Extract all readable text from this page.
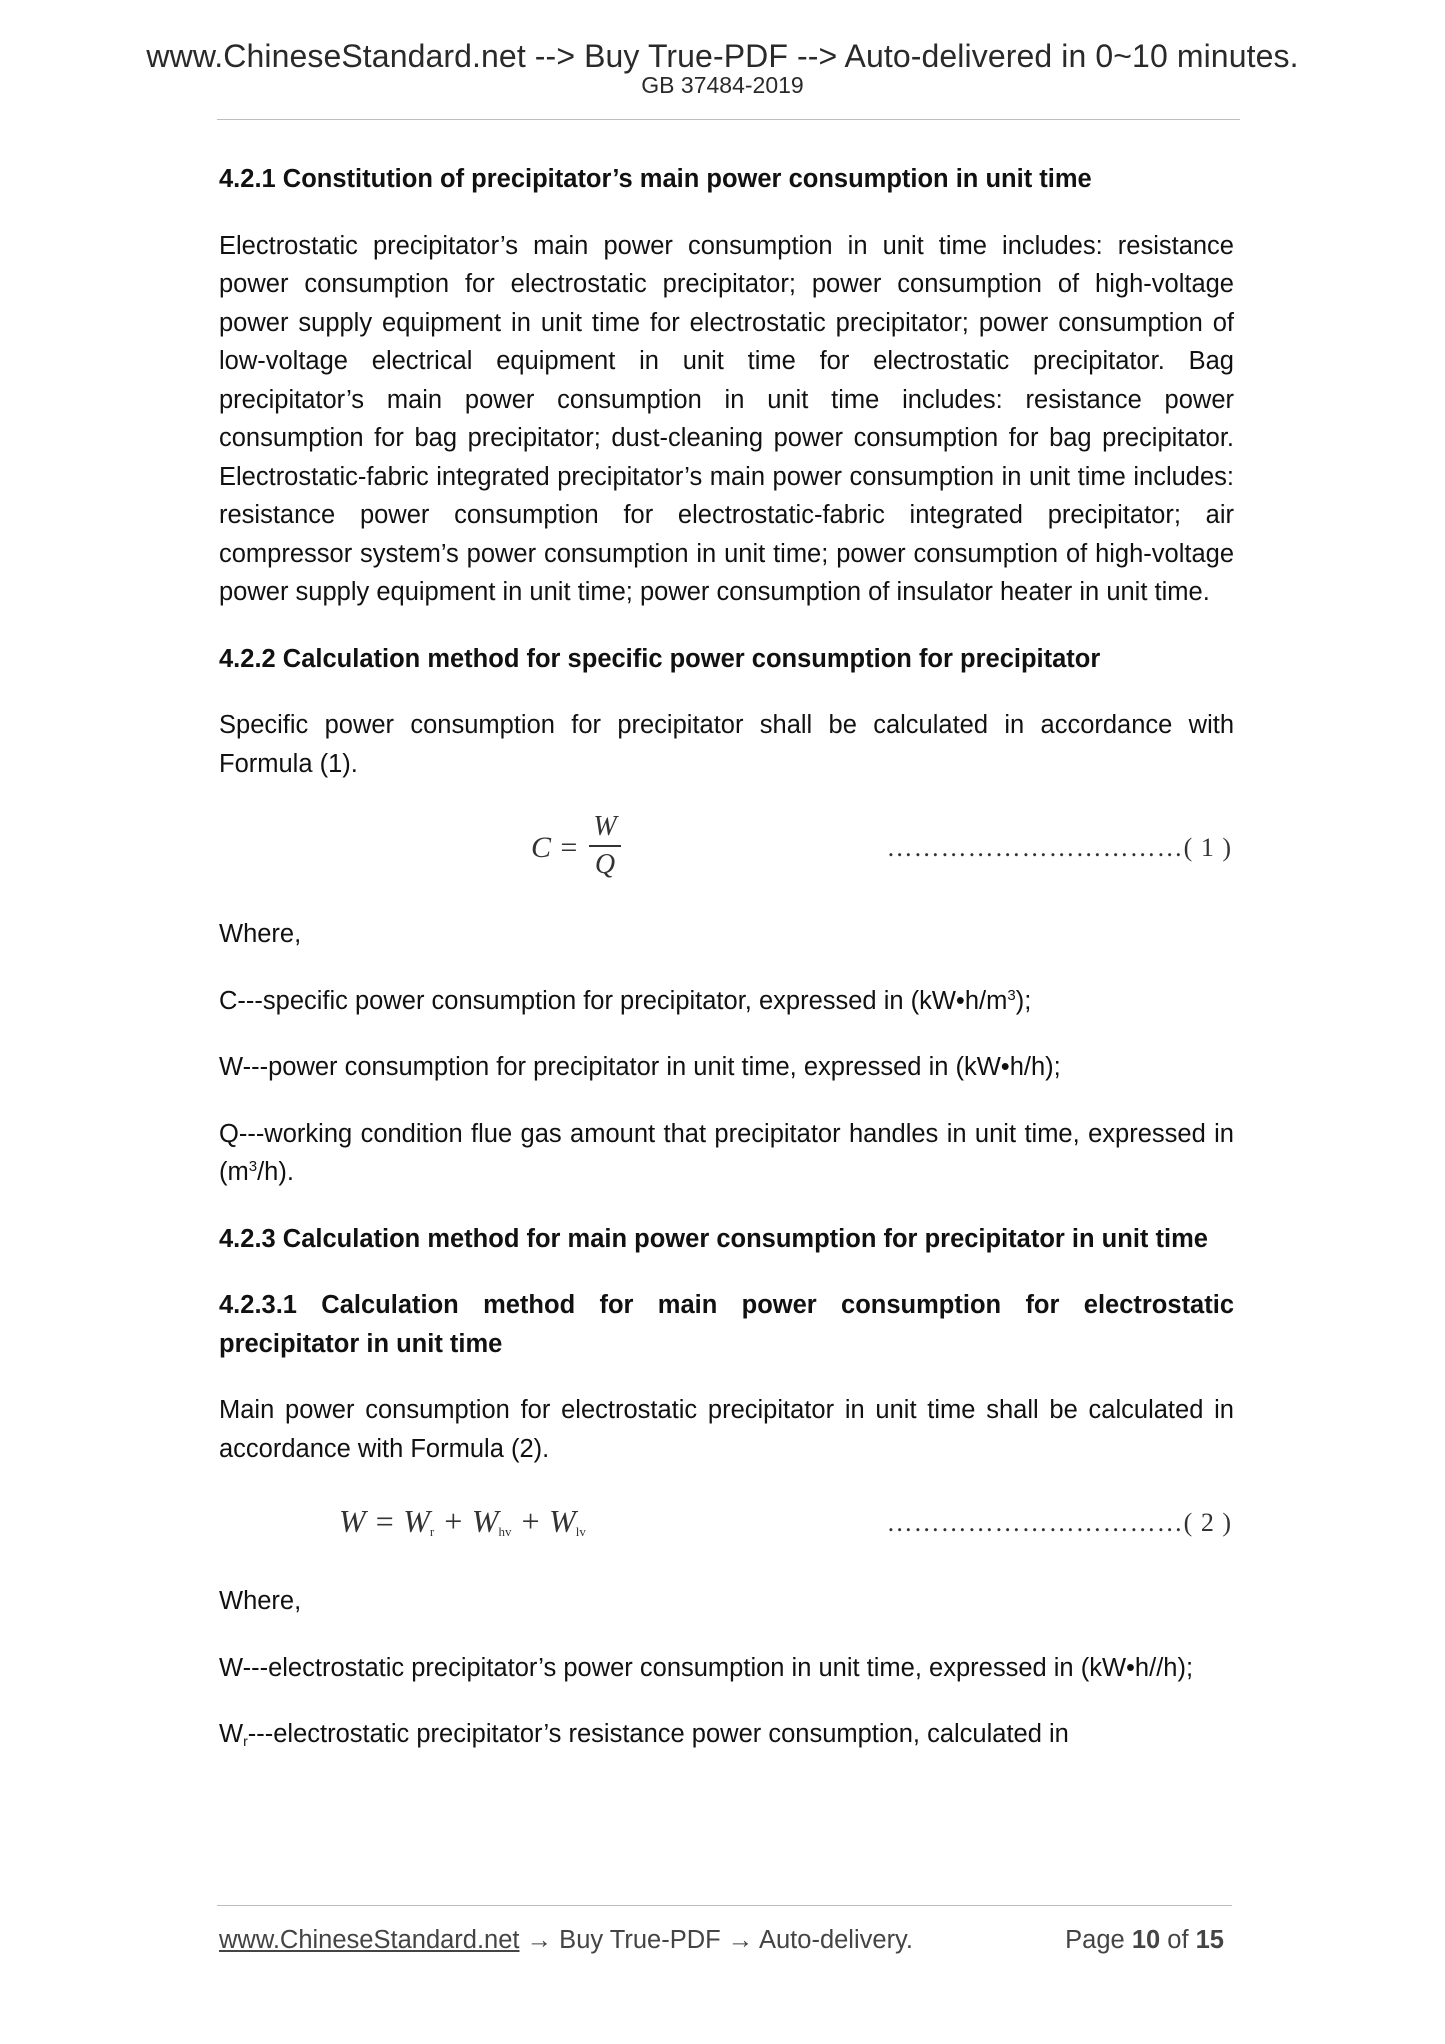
www.ChineseStandard.net --> Buy True-PDF --> Auto-delivered in 0~10 minutes.
GB 37484-2019
4.2.1 Constitution of precipitator’s main power consumption in unit time

Electrostatic precipitator’s main power consumption in unit time includes: resistance power consumption for electrostatic precipitator; power consumption of high-voltage power supply equipment in unit time for electrostatic precipitator; power consumption of low-voltage electrical equipment in unit time for electrostatic precipitator. Bag precipitator’s main power consumption in unit time includes: resistance power consumption for bag precipitator; dust-cleaning power consumption for bag precipitator. Electrostatic-fabric integrated precipitator’s main power consumption in unit time includes: resistance power consumption for electrostatic-fabric integrated precipitator; air compressor system’s power consumption in unit time; power consumption of high-voltage power supply equipment in unit time; power consumption of insulator heater in unit time.

4.2.2 Calculation method for specific power consumption for precipitator

Specific power consumption for precipitator shall be calculated in accordance with Formula (1).

C =
W
Q
……………………………( 1 )

Where,

C---specific power consumption for precipitator, expressed in $(kW•h/m^3)$;

W---power consumption for precipitator in unit time, expressed in (kW•h/h);

Q---working condition flue gas amount that precipitator handles in unit time, expressed in $(m^3/h)$.

4.2.3 Calculation method for main power consumption for precipitator in unit time
4.2.3.1 Calculation method for main power consumption for electrostatic precipitator in unit time

Main power consumption for electrostatic precipitator in unit time shall be calculated in accordance with Formula (2).

$W = W_r + W_{hv} + W_{lv}$	……………………………( 2 )

Where,

W---electrostatic precipitator’s power consumption in unit time, expressed in (kW•h//h);

Wr---electrostatic precipitator’s resistance power consumption, calculated in

www.ChineseStandard.net → Buy True-PDF → Auto-delivery.	Page 10 of 15
